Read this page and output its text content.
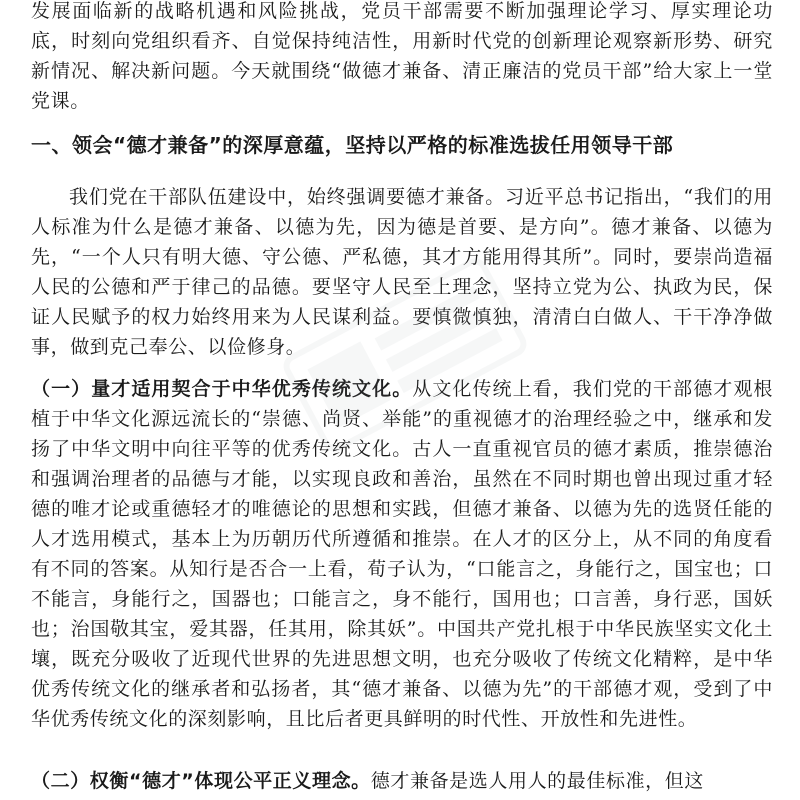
发展面临新的战略机遇和风险挑战，党员干部需要不断加强理论学习、厚实理论功底，时刻向党组织看齐、自觉保持纯洁性，用新时代党的创新理论观察新形势、研究新情况、解决新问题。今天就围绕“做德才兼备、清正廉洁的党员干部”给大家上一堂党课。

一、领会“德才兼备”的深厚意蕴，坚持以严格的标准选拔任用领导干部

我们党在干部队伍建设中，始终强调要德才兼备。习近平总书记指出，“我们的用人标准为什么是德才兼备、以德为先，因为德是首要、是方向”。德才兼备、以德为先，“一个人只有明大德、守公德、严私德，其才方能用得其所”。同时，要崇尚造福人民的公德和严于律己的品德。要坚守人民至上理念，坚持立党为公、执政为民，保证人民赋予的权力始终用来为人民谋利益。要慎微慎独，清清白白做人、干干净净做事，做到克己奉公、以俭修身。

（一）量才适用契合于中华优秀传统文化。从文化传统上看，我们党的干部德才观根植于中华文化源远流长的“崇德、尚贤、举能”的重视德才的治理经验之中，继承和发扬了中华文明中向往平等的优秀传统文化。古人一直重视官员的德才素质，推崇德治和强调治理者的品德与才能，以实现良政和善治，虽然在不同时期也曾出现过重才轻德的唯才论或重德轻才的唯德论的思想和实践，但德才兼备、以德为先的选贤任能的人才选用模式，基本上为历朝历代所遵循和推崇。在人才的区分上，从不同的角度看有不同的答案。从知行是否合一上看，荀子认为，“口能言之，身能行之，国宝也；口不能言，身能行之，国器也；口能言之，身不能行，国用也；口言善，身行恶，国妖也；治国敬其宝，爱其器，任其用，除其妖”。中国共产党扎根于中华民族坚实文化土壤，既充分吸收了近现代世界的先进思想文明，也充分吸收了传统文化精粹，是中华优秀传统文化的继承者和弘扬者，其“德才兼备、以德为先”的干部德才观，受到了中华优秀传统文化的深刻影响，且比后者更具鲜明的时代性、开放性和先进性。

（二）权衡“德才”体现公平正义理念。德才兼备是选人用人的最佳标准，但这
